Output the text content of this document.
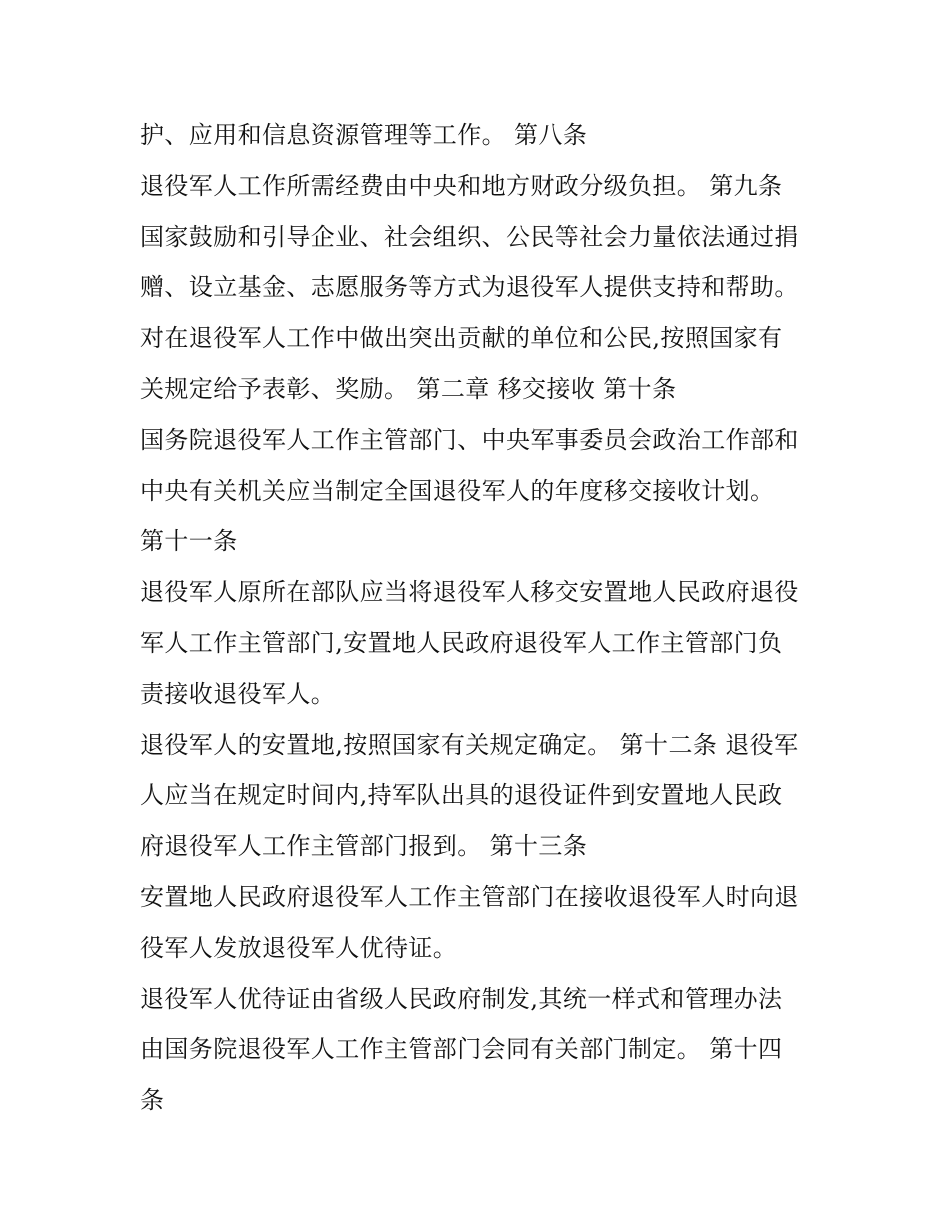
护、应用和信息资源管理等工作。 第八条
退役军人工作所需经费由中央和地方财政分级负担。 第九条
国家鼓励和引导企业、社会组织、公民等社会力量依法通过捐
赠、设立基金、志愿服务等方式为退役军人提供支持和帮助。
对在退役军人工作中做出突出贡献的单位和公民,按照国家有
关规定给予表彰、奖励。 第二章 移交接收 第十条
国务院退役军人工作主管部门、中央军事委员会政治工作部和
中央有关机关应当制定全国退役军人的年度移交接收计划。
第十一条
退役军人原所在部队应当将退役军人移交安置地人民政府退役
军人工作主管部门,安置地人民政府退役军人工作主管部门负
责接收退役军人。
退役军人的安置地,按照国家有关规定确定。 第十二条 退役军
人应当在规定时间内,持军队出具的退役证件到安置地人民政
府退役军人工作主管部门报到。 第十三条
安置地人民政府退役军人工作主管部门在接收退役军人时向退
役军人发放退役军人优待证。
退役军人优待证由省级人民政府制发,其统一样式和管理办法
由国务院退役军人工作主管部门会同有关部门制定。 第十四
条
